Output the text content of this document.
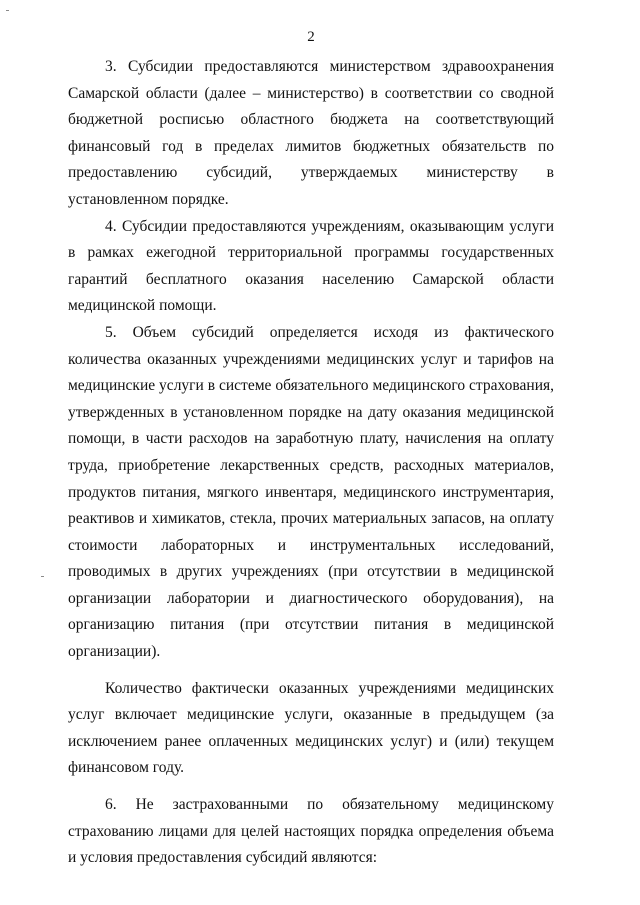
2

3. Субсидии предоставляются министерством здравоохранения Самарской области (далее – министерство) в соответствии со сводной бюджетной росписью областного бюджета на соответствующий финансовый год в пределах лимитов бюджетных обязательств по предоставлению субсидий, утверждаемых министерству в установленном порядке.

4. Субсидии предоставляются учреждениям, оказывающим услуги в рамках ежегодной территориальной программы государственных гарантий бесплатного оказания населению Самарской области медицинской помощи.

5. Объем субсидий определяется исходя из фактического количества оказанных учреждениями медицинских услуг и тарифов на медицинские услуги в системе обязательного медицинского страхования, утвержденных в установленном порядке на дату оказания медицинской помощи, в части расходов на заработную плату, начисления на оплату труда, приобретение лекарственных средств, расходных материалов, продуктов питания, мягкого инвентаря, медицинского инструментария, реактивов и химикатов, стекла, прочих материальных запасов, на оплату стоимости лабораторных и инструментальных исследований, проводимых в других учреждениях (при отсутствии в медицинской организации лаборатории и диагностического оборудования), на организацию питания (при отсутствии питания в медицинской организации).

Количество фактически оказанных учреждениями медицинских услуг включает медицинские услуги, оказанные в предыдущем (за исключением ранее оплаченных медицинских услуг) и (или) текущем финансовом году.

6. Не застрахованными по обязательному медицинскому страхованию лицами для целей настоящих порядка определения объема и условия предоставления субсидий являются:
